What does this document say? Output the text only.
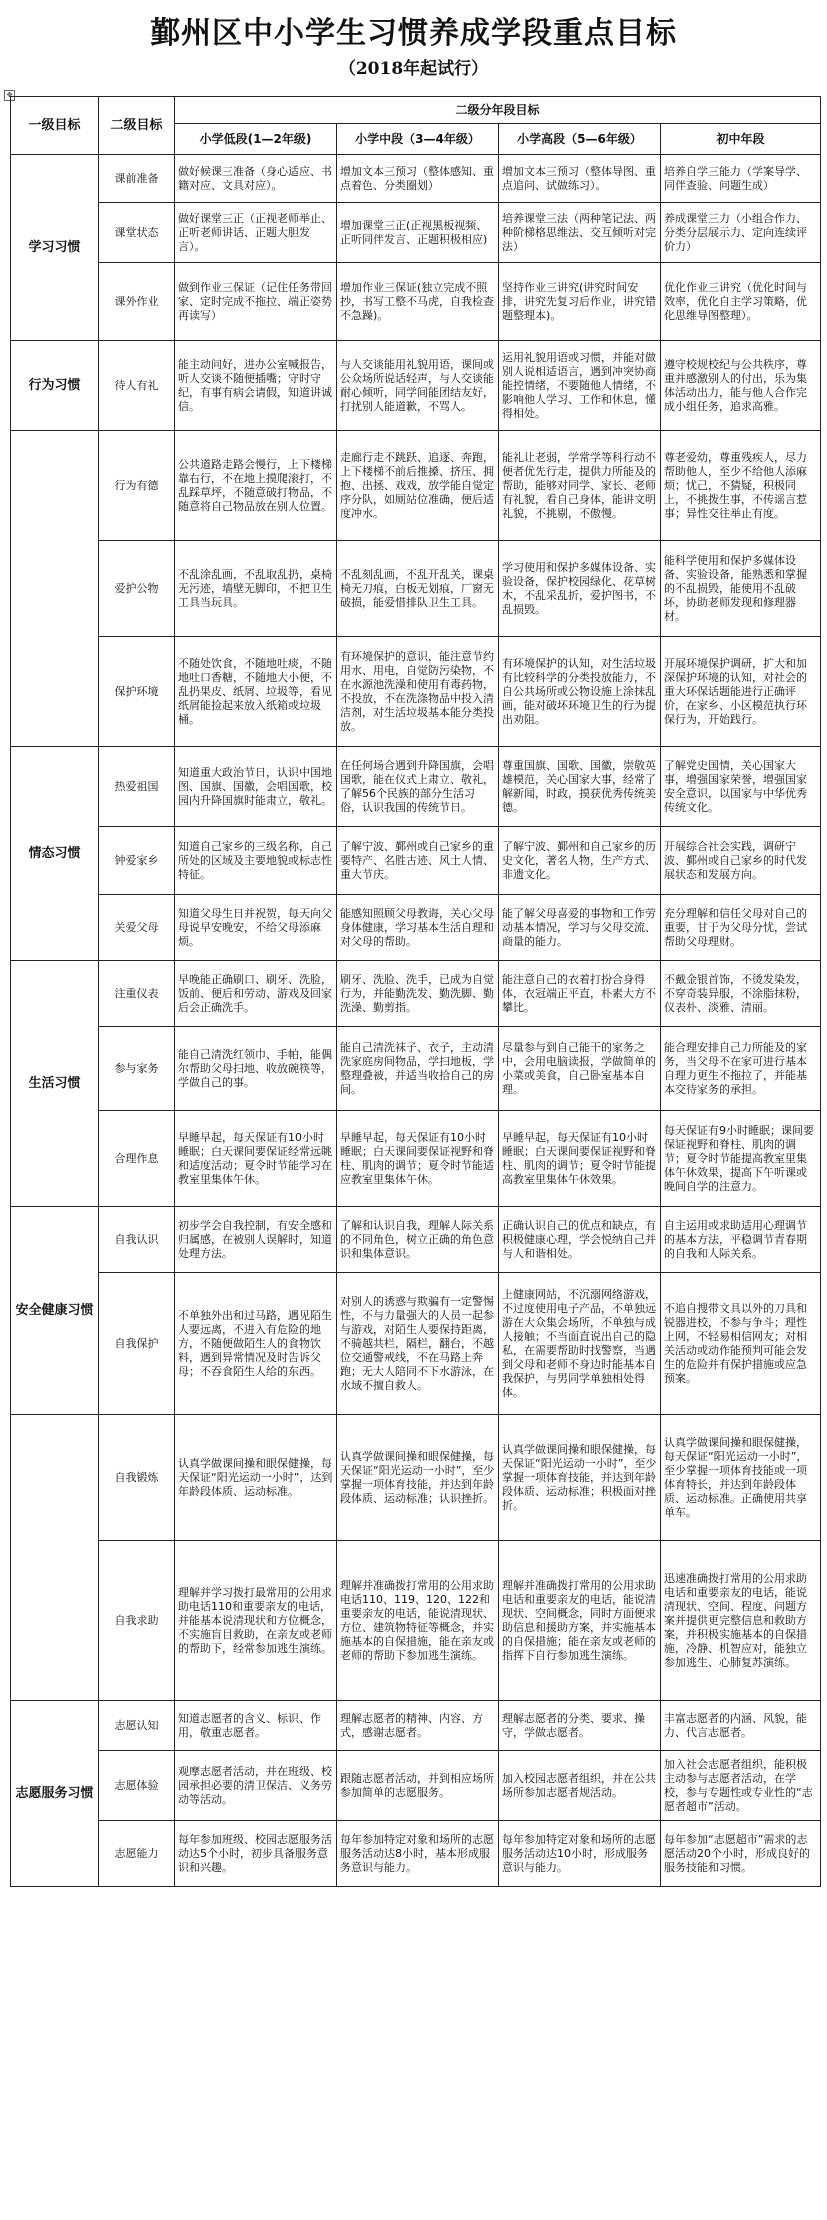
鄞州区中小学生习惯养成学段重点目标
（2018年起试行）
✥
一级目标	二级目标	二级分年段目标			
		小学低段(1—2年级)	小学中段（3—4年级）	小学高段（5—6年级）	初中年段
学习习惯	课前准备	做好候课三准备（身心适应、书籍对应、文具对应）。	增加文本三预习（整体感知、重点着色、分类圈划）	增加文本三预习（整体导图、重点追问、试做练习）。	培养自学三能力（学案导学、同伴查验、问题生成）
	课堂状态	做好课堂三正（正视老师举止、正听老师讲话、正题大胆发言）。	增加课堂三正(正视黑板视频、正听同伴发言、正题积极相应)	培养课堂三法（两种笔记法、两种阶梯格思维法、交互倾听对完法）	养成课堂三力（小组合作力、分类分层展示力、定向连续评价力）
	课外作业	做到作业三保证（记住任务带回家、定时完成不拖拉、端正姿势再读写）	增加作业三保证(独立完成不照抄，书写工整不马虎，自我检查不急躁)。	坚持作业三讲究(讲究时间安排，讲究先复习后作业，讲究错题整理本)。	优化作业三讲究（优化时间与效率，优化自主学习策略，优化思维导图整理）。
行为习惯	待人有礼	能主动问好，进办公室喊报告，听人交谈不随便插嘴；守时守纪，有事有病会请假，知道讲诚信。	与人交谈能用礼貌用语，课间或公众场所说话轻声，与人交谈能耐心倾听，同学间能团结友好，打扰别人能道歉，不骂人。	运用礼貌用语或习惯，并能对做别人说相适语言，遇到冲突协商能控情绪，不要随他人情绪，不影响他人学习、工作和休息，懂得相处。	遵守校规校纪与公共秩序，尊重并感激别人的付出，乐为集体活动出力，能与他人合作完成小组任务，追求高雅。
	行为有德	公共道路走路会慢行，上下楼梯靠右行，不在地上摸爬滚打，不乱踩草坪，不随意破打物品，不随意将自己物品放在别人位置。	走廊行走不跳跃、追逐、奔跑，上下楼梯不前后推搡、挤压、拥抱、出拯、戏戏，放学能自觉定序分队，如厕站位准确，便后适度冲水。	能礼让老弱，学常学等科行动不便者优先行走，提供力所能及的帮助，能够对同学、家长、老师有礼貌，看自己身体，能讲文明礼貌，不挑剔，不傲慢。	尊老爱幼，尊重残疾人，尽力帮助他人，至少不给他人添麻烦；忧己，不猜疑，积极同上，不挑拨生事，不传谣言惹事；异性交往举止有度。
	爱护公物	不乱涂乱画，不乱取乱扔，桌椅无污迹，墙壁无脚印，不把卫生工具当玩具。	不乱刻乱画，不乱开乱关，课桌椅无刀痕，白板无划痕，厂窗无破损，能爱惜排队卫生工具。	学习使用和保护多媒体设备、实验设备，保护校园绿化、花草树木，不乱采乱折，爱护图书，不乱损毁。	能科学使用和保护多媒体设备、实验设备，能熟悉和掌握的不乱损毁，能使用不乱破坏，协助老师发现和修理器材。
	保护环境	不随处饮食，不随地吐痰，不随地吐口香糖，不随地大小便，不乱扔果皮、纸屑、垃圾等，看见纸屑能捡起来放入纸箱或垃圾桶。	有环境保护的意识，能注意节约用水、用电，自觉防污染物，不在水源池洗澡和使用有毒药物，不投放，不在洗涤物品中投入清洁剂，对生活垃圾基本能分类投放。	有环境保护的认知，对生活垃圾有比较科学的分类投放能力，不自公共场所或公物设施上涂抹乱画，能对破坏环境卫生的行为提出劝阻。	开展环境保护调研，扩大和加深保护环境的认知，对社会的重大环保话题能进行正确评价，在家乡、小区模范执行环保行为，开始践行。
情态习惯	热爱祖国	知道重大政治节日，认识中国地图、国旗、国徽，会唱国歌，校园内升降国旗时能肃立，敬礼。	在任何场合遇到升降国旗，会唱国歌，能在仪式上肃立、敬礼，了解56个民族的部分生活习俗，认识我国的传统节日。	尊重国旗、国歌、国徽，崇敬英雄模范，关心国家大事，经常了解新闻，时政，摸获优秀传统美德。	了解党史国情，关心国家大事，增强国家荣誉，增强国家安全意识，以国家与中华优秀传统文化。
	钟爱家乡	知道自己家乡的三级名称，自己所处的区域及主要地貌或标志性特征。	了解宁波、鄞州或自己家乡的重要特产、名胜古迹、风土人情、重大节庆。	了解宁波、鄞州和自己家乡的历史文化，著名人物，生产方式、非遗文化。	开展综合社会实践，调研宁波、鄞州或自己家乡的时代发展状态和发展方向。
	关爱父母	知道父母生日并祝贺，每天向父母说早安晚安，不给父母添麻烦。	能感知照顾父母教诲，关心父母身体健康，学习基本生活自理和对父母的帮助。	能了解父母喜爱的事物和工作劳动基本情况，学习与父母交流、商量的能力。	充分理解和信任父母对自己的重要，甘于为父母分忧，尝试帮助父母理财。
生活习惯	注重仪表	早晚能正确刷口、刷牙、洗脸，饭前、便后和劳动、游戏及回家后会正确洗手。	刷牙、洗脸、洗手，已成为自觉行为，并能勤洗发、勤洗脚、勤洗澡、勤剪指。	能注意自己的衣着打扮合身得体，衣冠端正平直，朴素大方不攀比。	不戴金银首饰，不烫发染发，不穿奇装异服，不涂脂抹粉，仪表朴、淡雅、清丽。
	参与家务	能自己清洗红领巾、手帕，能偶尔帮助父母扫地、收放碗筷等，学做自己的事。	能自己清洗袜子、衣子，主动清洗家庭房间物品，学扫地板，学整理叠被，并适当收拾自己的房间。	尽量参与到自己能干的家务之中，会用电脑读报，学做简单的小菜或美食，自己卧室基本自理。	能合理安排自己力所能及的家务，当父母不在家可进行基本自理力更生不拖拉了，并能基本交待家务的承担。
	合理作息	早睡早起，每天保证有10小时睡眠；白天课间要保证经常远眺和适度活动；夏令时节能学习在教室里集体午休。	早睡早起，每天保证有10小时睡眠；白天课间要保证视野和脊柱、肌肉的调节；夏令时节能适应教室里集体午休。	早睡早起，每天保证有10小时睡眠；白天课间要保证视野和脊柱、肌肉的调节；夏令时节能提高教室里集体午休效果。	每天保证有9小时睡眠；课间要保证视野和脊柱、肌肉的调节；夏令时节能提高教室里集体午休效果，提高下午听课或晚间自学的注意力。
安全健康习惯	自我认识	初步学会自我控制，有安全感和归属感，在被别人误解时，知道处理方法。	了解和认识自我，理解人际关系的不同角色，树立正确的角色意识和集体意识。	正确认识自己的优点和缺点，有积极健康心理，学会悦纳自己并与人和谐相处。	自主运用或求助适用心理调节的基本方法，平稳调节青春期的自我和人际关系。
	自我保护	不单独外出和过马路，遇见陌生人要远离，不进入有危险的地方，不随便做陌生人的食物饮料，遇到异常情况及时告诉父母；不吞食陌生人给的东西。	对别人的诱惑与欺骗有一定警惕性，不与力量强大的人员一起参与游戏，对陌生人要保持距离，不骑越共栏，隔栏，翻台，不越位交通警戒线，不在马路上奔跑；无大人陪同不下水游泳，在水域不擅自救人。	上健康网站，不沉溺网络游戏，不过度使用电子产品，不单独远游在大众集会场所，不单独与成人接触；不当面直说出自己的隐私，在需要帮助时找警察，当遇到父母和老师不身边时能基本自我保护，与男同学单独相处得体。	不追自搜带文具以外的刀具和锐器进校，不参与争斗；理性上网，不轻易相信网友；对相关活动或动作能预判可能会发生的危险并有保护措施或应急预案。
	自我锻炼	认真学做课间操和眼保健操，每天保证“阳光运动一小时”，达到年龄段体质、运动标准。	认真学做课间操和眼保健操，每天保证“阳光运动一小时”，至少掌握一项体育技能，并达到年龄段体质、运动标准；认识挫折。	认真学做课间操和眼保健操，每天保证“阳光运动一小时”，至少掌握一项体育技能，并达到年龄段体质、运动标准；积极面对挫折。	认真学做课间操和眼保健操，每天保证“阳光运动一小时”，至少掌握一项体育技能或一项体育特长，并达到年龄段体质、运动标准。正确使用共享单车。
	自我求助	理解并学习拨打最常用的公用求助电话110和重要亲友的电话，并能基本说清现状和方位概念，不实施盲目救助，在亲友或老师的帮助下，经常参加逃生演练。	理解并准确拨打常用的公用求助电话110、119、120、122和重要亲友的电话，能说清现状、方位、建筑物特征等概念，并实施基本的自保措施，能在亲友或老师的帮助下参加逃生演练。	理解并准确拨打常用的公用求助电话和重要亲友的电话，能说清现状、空间概念，同时方面便求助信息和援助方案，并实施基本的自保措施；能在亲友或老师的指挥下自行参加逃生演练。	迅速准确拨打常用的公用求助电话和重要亲友的电话，能说清现状、空间、程度、问题方案并提供更完整信息和救助方案，并积极实施基本的自保措施，冷静、机智应对，能独立参加逃生、心肺复苏演练。
志愿服务习惯	志愿认知	知道志愿者的含义、标识、作用，敬重志愿者。	理解志愿者的精神、内容、方式，感谢志愿者。	理解志愿者的分类、要求、操守，学做志愿者。	丰富志愿者的内涵、风貌，能力、代言志愿者。
	志愿体验	观摩志愿者活动，并在班级、校园承担必要的清卫保洁、义务劳动等活动。	跟随志愿者活动，并到相应场所参加简单的志愿服务。	加入校园志愿者组织，并在公共场所参加志愿者规活动。	加入社会志愿者组织，能积极主动参与志愿者活动，在学校，参与专题性或专业性的“志愿者超市”活动。
	志愿能力	每年参加班级、校园志愿服务活动达5个小时，初步具备服务意识和兴趣。	每年参加特定对象和场所的志愿服务活动达8小时，基本形成服务意识与能力。	每年参加特定对象和场所的志愿服务活动达10小时，形成服务意识与能力。	每年参加“志愿超市”需求的志愿活动20个小时，形成良好的服务技能和习惯。
